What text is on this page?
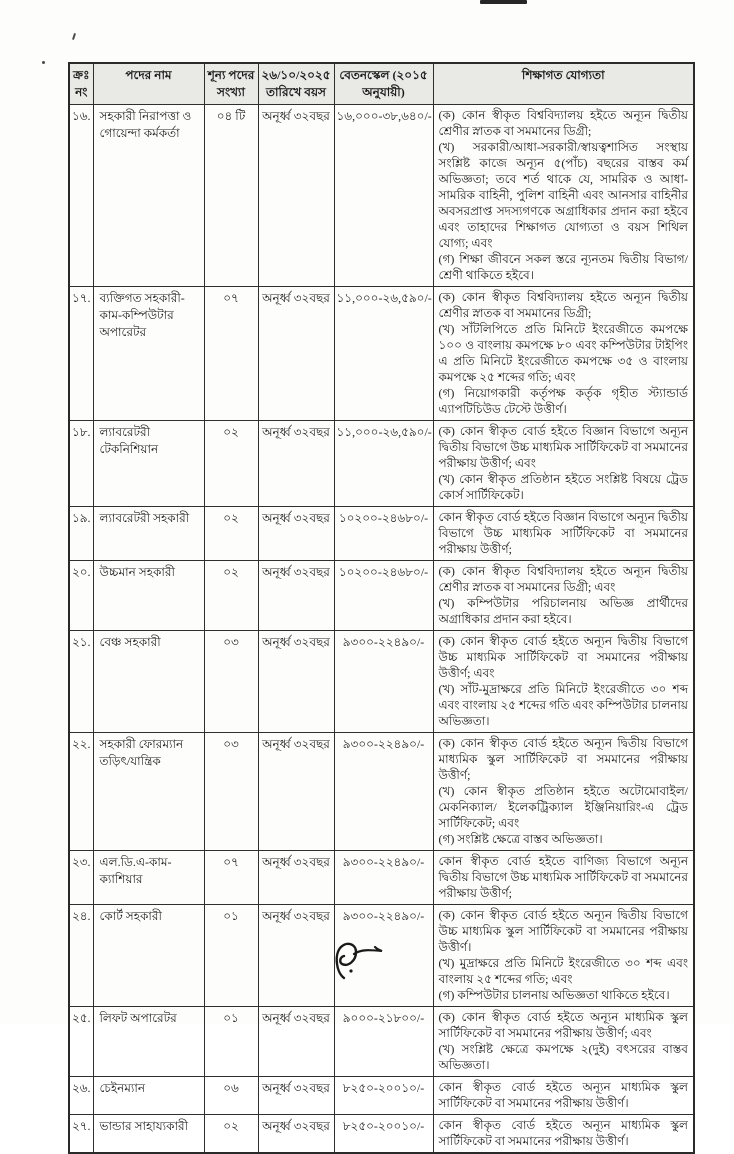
ক্রঃ নং	পদের নাম	শূন্য পদের সংখ্যা	২৬/১০/২০২৫ তারিখে বয়স	বেতনস্কেল (২০১৫ অনুযায়ী)	শিক্ষাগত যোগ্যতা
১৬.	সহকারী নিরাপত্তা ও গোয়েন্দা কর্মকর্তা	০৪ টি	অনূর্ধ্ব ৩২বছর	১৬,০০০-৩৮,৬৪০/-	(ক) কোন স্বীকৃত বিশ্ববিদ্যালয় হইতে অন্যূন দ্বিতীয় শ্রেণীর স্নাতক বা সমমানের ডিগ্রী;
(খ) সরকারী/আধা-সরকারী/স্বায়ত্বশাসিত সংস্থায় সংশ্লিষ্ট কাজে অন্যূন ৫(পাঁচ) বছরের বাস্তব কর্ম অভিজ্ঞতা; তবে শর্ত থাকে যে, সামরিক ও আধা-সামরিক বাহিনী, পুলিশ বাহিনী এবং আনসার বাহিনীর অবসরপ্রাপ্ত সদস্যগণকে অগ্রাধিকার প্রদান করা হইবে এবং তাহাদের শিক্ষাগত যোগ্যতা ও বয়স শিথিল যোগ্য; এবং
(গ) শিক্ষা জীবনে সকল স্তরে ন্যূনতম দ্বিতীয় বিভাগ/শ্রেণী থাকিতে হইবে।

১৭.	ব্যক্তিগত সহকারী-কাম-কম্পিউটার অপারেটর	০৭	অনূর্ধ্ব ৩২বছর	১১,০০০-২৬,৫৯০/-	(ক) কোন স্বীকৃত বিশ্ববিদ্যালয় হইতে অন্যূন দ্বিতীয় শ্রেণীর স্নাতক বা সমমানের ডিগ্রী;
(খ) সাঁটলিপিতে প্রতি মিনিটে ইংরেজীতে কমপক্ষে ১০০ ও বাংলায় কমপক্ষে ৮০ এবং কম্পিউটার টাইপিং এ প্রতি মিনিটে ইংরেজীতে কমপক্ষে ৩৫ ও বাংলায় কমপক্ষে ২৫ শব্দের গতি; এবং
(গ) নিয়োগকারী কর্তৃপক্ষ কর্তৃক গৃহীত স্ট্যান্ডার্ড এ্যাপটিচিউড টেস্টে উত্তীর্ণ।

১৮.	ল্যাবরেটরী টেকনিশিয়ান	০২	অনূর্ধ্ব ৩২বছর	১১,০০০-২৬,৫৯০/-	(ক) কোন স্বীকৃত বোর্ড হইতে বিজ্ঞান বিভাগে অন্যূন দ্বিতীয় বিভাগে উচ্চ মাধ্যমিক সার্টিফিকেট বা সমমানের পরীক্ষায় উত্তীর্ণ; এবং
(খ) কোন স্বীকৃত প্রতিষ্ঠান হইতে সংশ্লিষ্ট বিষয়ে ট্রেড কোর্স সার্টিফিকেট।

১৯.	ল্যাবরেটরী সহকারী	০২	অনূর্ধ্ব ৩২বছর	১০২০০-২৪৬৮০/-	কোন স্বীকৃত বোর্ড হইতে বিজ্ঞান বিভাগে অন্যূন দ্বিতীয় বিভাগে উচ্চ মাধ্যমিক সার্টিফিকেট বা সমমানের পরীক্ষায় উত্তীর্ণ;

২০.	উচ্চমান সহকারী	০২	অনূর্ধ্ব ৩২বছর	১০২০০-২৪৬৮০/-	(ক) কোন স্বীকৃত বিশ্ববিদ্যালয় হইতে অন্যূন দ্বিতীয় শ্রেণীর স্নাতক বা সমমানের ডিগ্রী; এবং
(খ) কম্পিউটার পরিচালনায় অভিজ্ঞ প্রার্থীদের অগ্রাধিকার প্রদান করা হইবে।

২১.	বেঞ্চ সহকারী	০৩	অনূর্ধ্ব ৩২বছর	৯৩০০-২২৪৯০/-	(ক) কোন স্বীকৃত বোর্ড হইতে অন্যূন দ্বিতীয় বিভাগে উচ্চ মাধ্যমিক সার্টিফিকেট বা সমমানের পরীক্ষায় উত্তীর্ণ; এবং
(খ) সাঁট-মুদ্রাক্ষরে প্রতি মিনিটে ইংরেজীতে ৩০ শব্দ এবং বাংলায় ২৫ শব্দের গতি এবং কম্পিউটার চালনায় অভিজ্ঞতা।

২২.	সহকারী ফোরম্যান তড়িৎ/যান্ত্রিক	০৩	অনূর্ধ্ব ৩২বছর	৯৩০০-২২৪৯০/-	(ক) কোন স্বীকৃত বোর্ড হইতে অন্যূন দ্বিতীয় বিভাগে মাধ্যমিক স্কুল সার্টিফিকেট বা সমমানের পরীক্ষায় উত্তীর্ণ;
(খ) কোন স্বীকৃত প্রতিষ্ঠান হইতে অটোমোবাইল/ মেকনিক্যাল/ ইলেকট্রিক্যাল ইঞ্জিনিয়ারিং-এ ট্রেড সার্টিফিকেট; এবং
(গ) সংশ্লিষ্ট ক্ষেত্রে বাস্তব অভিজ্ঞতা।

২৩.	এল.ডি.এ-কাম-ক্যাশিয়ার	০৭	অনূর্ধ্ব ৩২বছর	৯৩০০-২২৪৯০/-	কোন স্বীকৃত বোর্ড হইতে বাণিজ্য বিভাগে অন্যূন দ্বিতীয় বিভাগে উচ্চ মাধ্যমিক সার্টিফিকেট বা সমমানের পরীক্ষায় উত্তীর্ণ;

২৪.	কোর্ট সহকারী	০১	অনূর্ধ্ব ৩২বছর	৯৩০০-২২৪৯০/-	(ক) কোন স্বীকৃত বোর্ড হইতে অন্যূন দ্বিতীয় বিভাগে উচ্চ মাধ্যমিক স্কুল সার্টিফিকেট বা সমমানের পরীক্ষায় উত্তীর্ণ।
(খ) মুদ্রাক্ষরে প্রতি মিনিটে ইংরেজীতে ৩০ শব্দ এবং বাংলায় ২৫ শব্দের গতি; এবং
(গ) কম্পিউটার চালনায় অভিজ্ঞতা থাকিতে হইবে।

২৫.	লিফট অপারেটর	০১	অনূর্ধ্ব ৩২বছর	৯০০০-২১৮০০/-	(ক) কোন স্বীকৃত বোর্ড হইতে অন্যূন মাধ্যমিক স্কুল সার্টিফিকেট বা সমমানের পরীক্ষায় উত্তীর্ণ; এবং
(খ) সংশ্লিষ্ট ক্ষেত্রে কমপক্ষে ২(দুই) বৎসরের বাস্তব অভিজ্ঞতা।

২৬.	চেইনম্যান	০৬	অনূর্ধ্ব ৩২বছর	৮২৫০-২০০১০/-	কোন স্বীকৃত বোর্ড হইতে অন্যূন মাধ্যমিক স্কুল সার্টিফিকেট বা সমমানের পরীক্ষায় উত্তীর্ণ।

২৭.	ভান্ডার সাহায্যকারী	০২	অনূর্ধ্ব ৩২বছর	৮২৫০-২০০১০/-	কোন স্বীকৃত বোর্ড হইতে অন্যূন মাধ্যমিক স্কুল সার্টিফিকেট বা সমমানের পরীক্ষায় উত্তীর্ণ।
